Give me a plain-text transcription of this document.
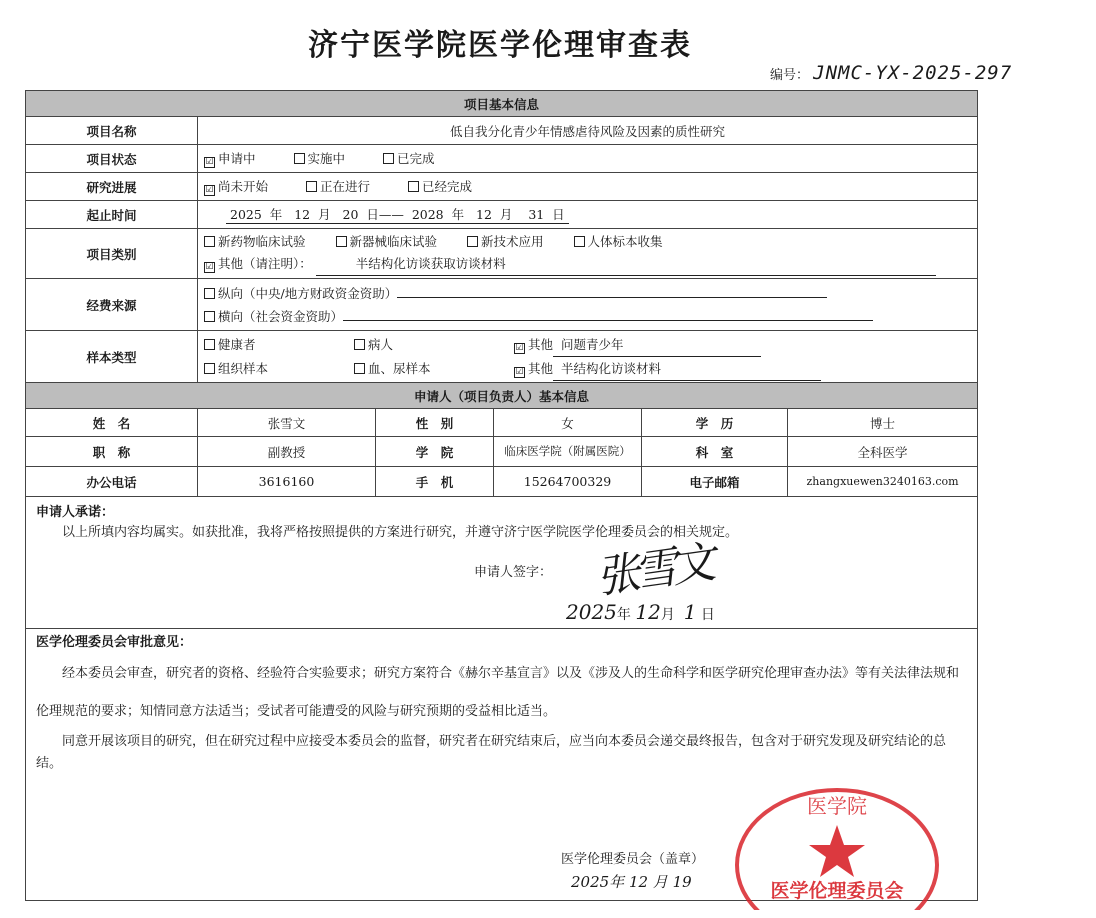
济宁医学院医学伦理审查表
编号： JNMC-YX-2025-297
项目基本信息					
项目名称	低自我分化青少年情感虐待风险及因素的质性研究				
项目状态	☑ 申请中 实施中 已完成				
研究进展	☑ 尚未开始 正在进行 已经完成				
起止时间	2025 年 12 月 20 日—— 2028 年 12 月 31 日				
项目类别	新药物临床试验 新器械临床试验 新技术应用 人体标本收集
☑ 其他（请注明）： 半结构化访谈获取访谈材料				
经费来源	纵向（中央/地方财政资金资助）
横向（社会资金资助）				
样本类型	健康者 病人 ☑ 其他 问题青少年
组织样本 血、尿样本 ☑ 其他 半结构化访谈材料				
申请人（项目负责人）基本信息					
姓　名	张雪文	性　别	女	学　历	博士
职　称	副教授	学　院	临床医学院（附属医院）	科　室	全科医学
办公电话	3616160	手　机	15264700329	电子邮箱	zhangxuewen3240163.com

申请人承诺：
以上所填内容均属实。如获批准，我将严格按照提供的方案进行研究，并遵守济宁医学院医学伦理委员会的相关规定。
申请人签字： 张雪文
2025年 12月 1 日					

医学伦理委员会审批意见：
经本委员会审查，研究者的资格、经验符合实验要求；研究方案符合《赫尔辛基宣言》以及《涉及人的生命科学和医学研究伦理审查办法》等有关法律法规和伦理规范的要求；知情同意方法适当；受试者可能遭受的风险与研究预期的受益相比适当。
同意开展该项目的研究，但在研究过程中应接受本委员会的监督，研究者在研究结束后，应当向本委员会递交最终报告，包含对于研究发现及研究结论的总结。
医学伦理委员会（盖章）
2025年 12 月 19					
医学院
医学伦理委员会
